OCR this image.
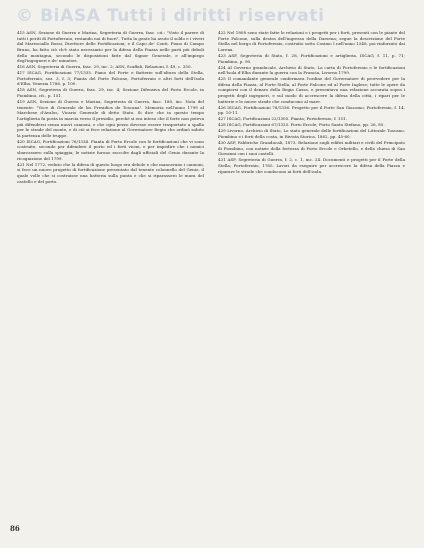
© BiASA Tutti i diritti riservati

415 ASN, Sezione di Guerra e Marina, Segreteria di Guerra, fasc. cit.: "Visto il parere di tutti i periti di Portoferraio, restando noi di fuori". Tutta la gente ha avuto il soldo e i viveri dal Maresciallo Rossi, Direttore delle Fortificazioni; e il Capo de' Conti, Piano di Campo Bruno, ha fatto ciò ch'è stato necessario per la difesa della Piazza nelle parti più deboli della montagna, secondo le disposizioni fatte dal Signor Generale, e all'impiego degl'ingegneri e de' minatori.

416 ASN, Segreteria di Guerra, fasc. 29, inc. 2; ASN, Scaffali, Relazioni, f. 49, c. 350.

417 ISCAG, Fortificazioni 77/1335. Piano del Forte e Batterie sull'altura della Stella, Portoferraio, sez. 3, f. 3; Pianta del Forte Falcone, Portoferraio e altri forti dell'Isola d'Elba, Venezia 1786, p. 100.

418 ASN, Segreteria di Guerra, fasc. 29, inc. 4; Sezione Difensiva del Porto Ercole, in Piombino, cit., p. 151.

419 ASN, Sezione di Guerra e Marina, Segreteria di Guerra, fasc. 180, inc. Nota del tenente: "Voce di Generale de los Presidios de Toscana". Memoria nell'anno 1799 al Marchese d'Avalos, Vicario Generale di detto Stato. Si dice che in questo tempo l'artiglieria fu posta in marcia verso il presidio, perché si era inteso che il forte non poteva più difendersi senza nuovi cannoni, e che ogni pezzo dovesse essere trasportato a spalla per le strade del monte, e di ciò si fece relazione al Governatore Regio che ordinò subito la partenza delle truppe.

420 ISCAG, Fortificazioni 76/1334. Pianta di Porto Ercole con le fortificazioni che vi sono costruite, seconde per difendere il porto ed i forti vicini, e per impedire che i nemici sbarcassero sulla spiaggia; le notizie furono raccolte dagli ufficiali del Genio durante la ricognizione del 1799.

421 Nel 1772, veduto che la difesa di questo luogo era debole e che mancavano i cannoni, si fece un nuovo progetto di fortificazione presentato dal tenente colonnello del Genio, il quale volle che si costruisse una batteria sulla punta e che si riparassero le mura del castello e del porto.

422 Nel 1808 sono state fatte le relazioni e i progetti per i forti, presenti con le piante del Forte Falcone, sulla destra dell'ingresso della Darsena; segue la descrizione del Forte Stella nel borgo di Portoferraio, costruito sotto Cosimo I nell'anno 1548, poi rinforzato dai Lorena.

423 ASF, Segreteria di Stato, f. 28, Fortificazioni e artiglieria. ISCAG, f. 11, p. 71; Piombino, p. 90.

424 Al Governo granducale, Archivio di Stato, La carta di Portoferraio e le fortificazioni nell'Isola d'Elba durante la guerra con la Francia, Livorno 1799.

425 Il comandante generale confermava l'ordine del Governatore di provvedere per la difesa della Piazza, al Forte Stella, al Forte Falcone ed al Forte Inglese; tutte le opere da compiersi con il denaro della Regia Cassa, e presentava una relazione accurata sopra i progetti degli ingegneri, e sul modo di accrescere la difesa della città, i ripari per le batterie e le nuove strade che conducono al mare.

426 ISCAG, Fortificazioni 78/1336. Progetto per il Forte San Giacomo; Portoferraio, f. 14, pp. 10-11.

427 ISCAG, Fortificazioni 22/1305. Pianta; Portoferraio, f. 151.

428 ISCAG, Fortificazioni 67/1325. Porto Ercole; Porto Santo Stefano, pp. 26, 85.

429 Livorno, Archivio di Stato, Lo stato generale delle fortificazioni del Littorale Toscano, Piombino e i forti della costa, in Rivista Storica, 1862, pp. 45-60.

430 ASF, Fabbriche Granducali, 1873. Relazione sugli edifici militari e civili del Principato di Piombino, con notizie della fortezza di Porto Ercole e Orbetello, e della chiesa di San Giovanni con i suoi castelli.

431 ASF, Segreteria di Guerra, f. 2, c. 1, inc. 24. Documenti e progetti per il Forte della Stella; Portoferraio, 1765. Lavori da eseguire per accrescere la difesa della Piazza e riparare le strade che conducono ai forti dell'isola.

86
